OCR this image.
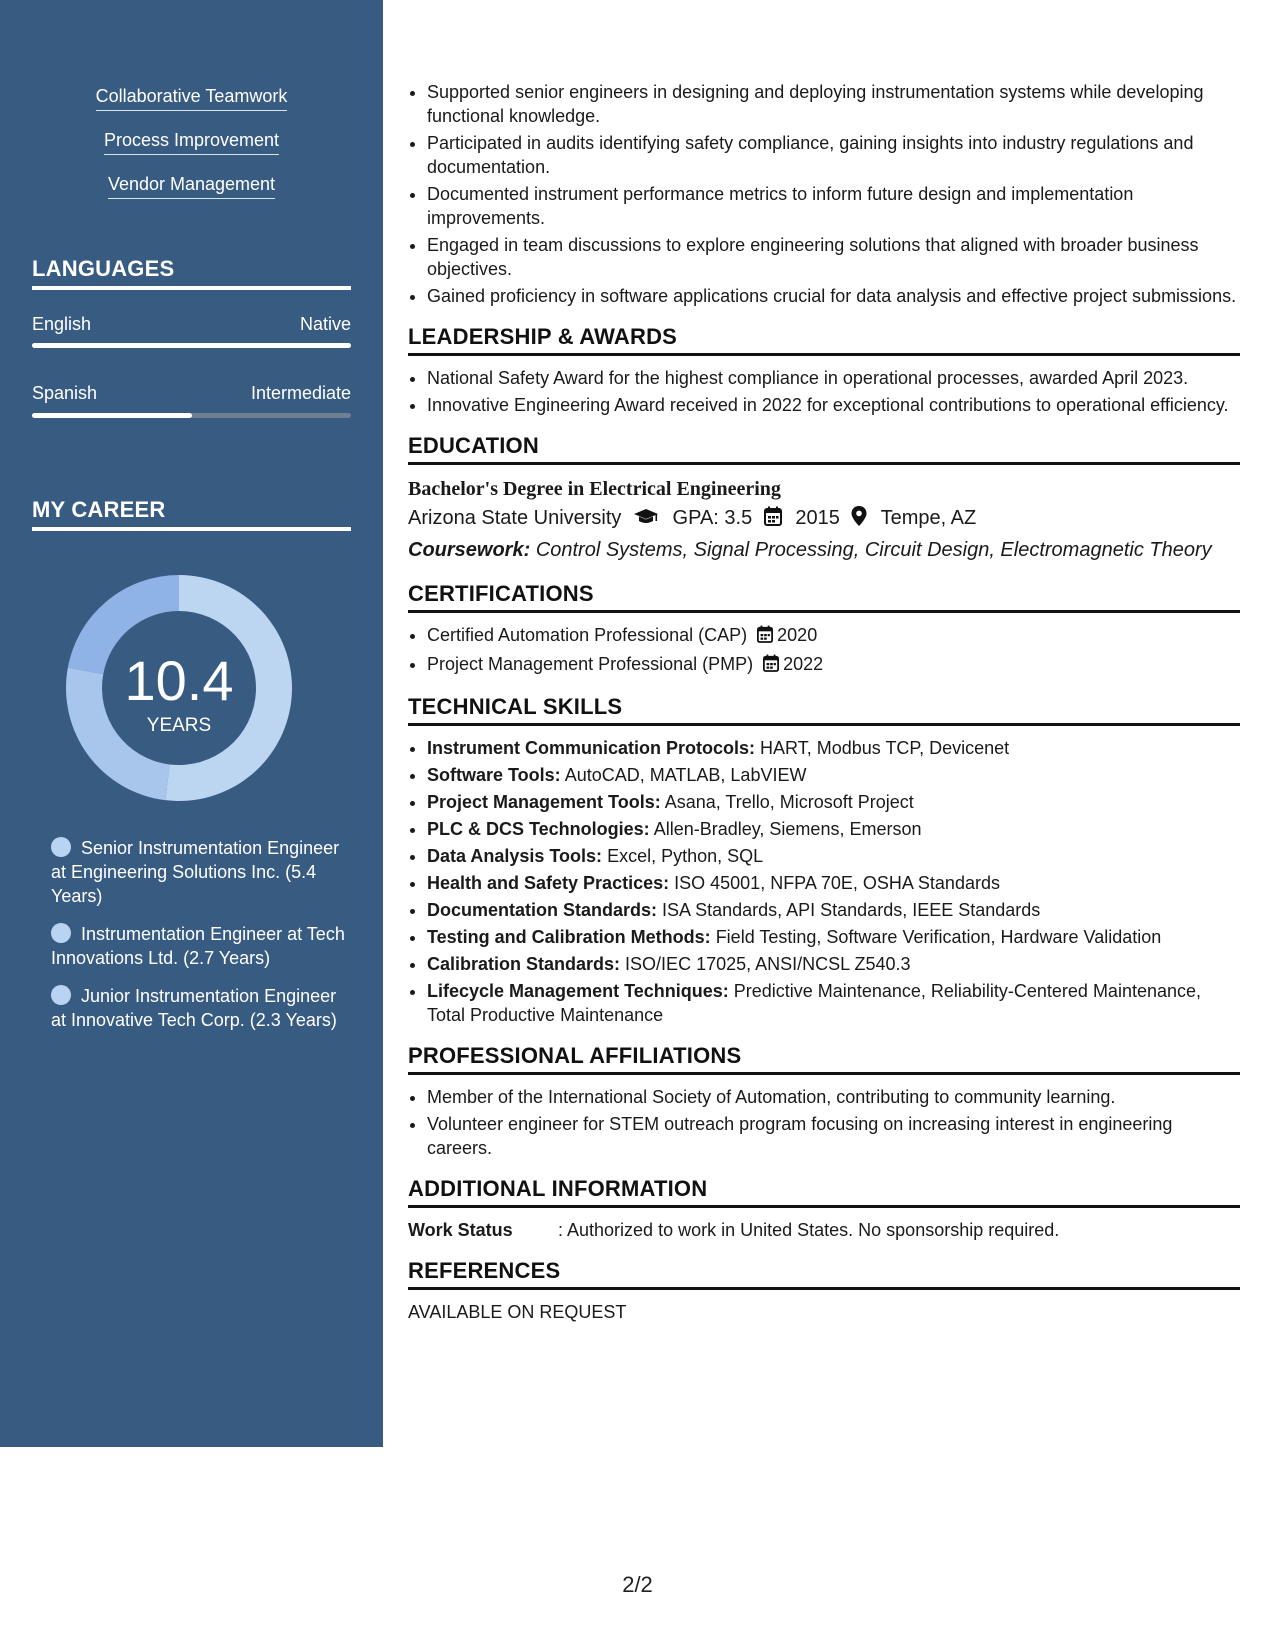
Collaborative Teamwork
Process Improvement
Vendor Management
LANGUAGES
English	Native
Spanish	Intermediate
MY CAREER
10.4
YEARS
Senior Instrumentation Engineer at Engineering Solutions Inc. (5.4 Years)
Instrumentation Engineer at Tech Innovations Ltd. (2.7 Years)
Junior Instrumentation Engineer at Innovative Tech Corp. (2.3 Years)
• Supported senior engineers in designing and deploying instrumentation systems while developing functional knowledge.
• Participated in audits identifying safety compliance, gaining insights into industry regulations and documentation.
• Documented instrument performance metrics to inform future design and implementation improvements.
• Engaged in team discussions to explore engineering solutions that aligned with broader business objectives.
• Gained proficiency in software applications crucial for data analysis and effective project submissions.
LEADERSHIP & AWARDS
• National Safety Award for the highest compliance in operational processes, awarded April 2023.
• Innovative Engineering Award received in 2022 for exceptional contributions to operational efficiency.
EDUCATION
Bachelor's Degree in Electrical Engineering
Arizona State University	GPA: 3.5 2015 Tempe, AZ
Coursework: Control Systems, Signal Processing, Circuit Design, Electromagnetic Theory
CERTIFICATIONS
• Certified Automation Professional (CAP) 2020
• Project Management Professional (PMP) 2022
TECHNICAL SKILLS
• Instrument Communication Protocols: HART, Modbus TCP, Devicenet
• Software Tools: AutoCAD, MATLAB, LabVIEW
• Project Management Tools: Asana, Trello, Microsoft Project
• PLC & DCS Technologies: Allen-Bradley, Siemens, Emerson
• Data Analysis Tools: Excel, Python, SQL
• Health and Safety Practices: ISO 45001, NFPA 70E, OSHA Standards
• Documentation Standards: ISA Standards, API Standards, IEEE Standards
• Testing and Calibration Methods: Field Testing, Software Verification, Hardware Validation
• Calibration Standards: ISO/IEC 17025, ANSI/NCSL Z540.3
• Lifecycle Management Techniques: Predictive Maintenance, Reliability-Centered Maintenance, Total Productive Maintenance
PROFESSIONAL AFFILIATIONS
• Member of the International Society of Automation, contributing to community learning.
• Volunteer engineer for STEM outreach program focusing on increasing interest in engineering careers.
ADDITIONAL INFORMATION
Work Status	: Authorized to work in United States. No sponsorship required.
REFERENCES
AVAILABLE ON REQUEST
2/2
